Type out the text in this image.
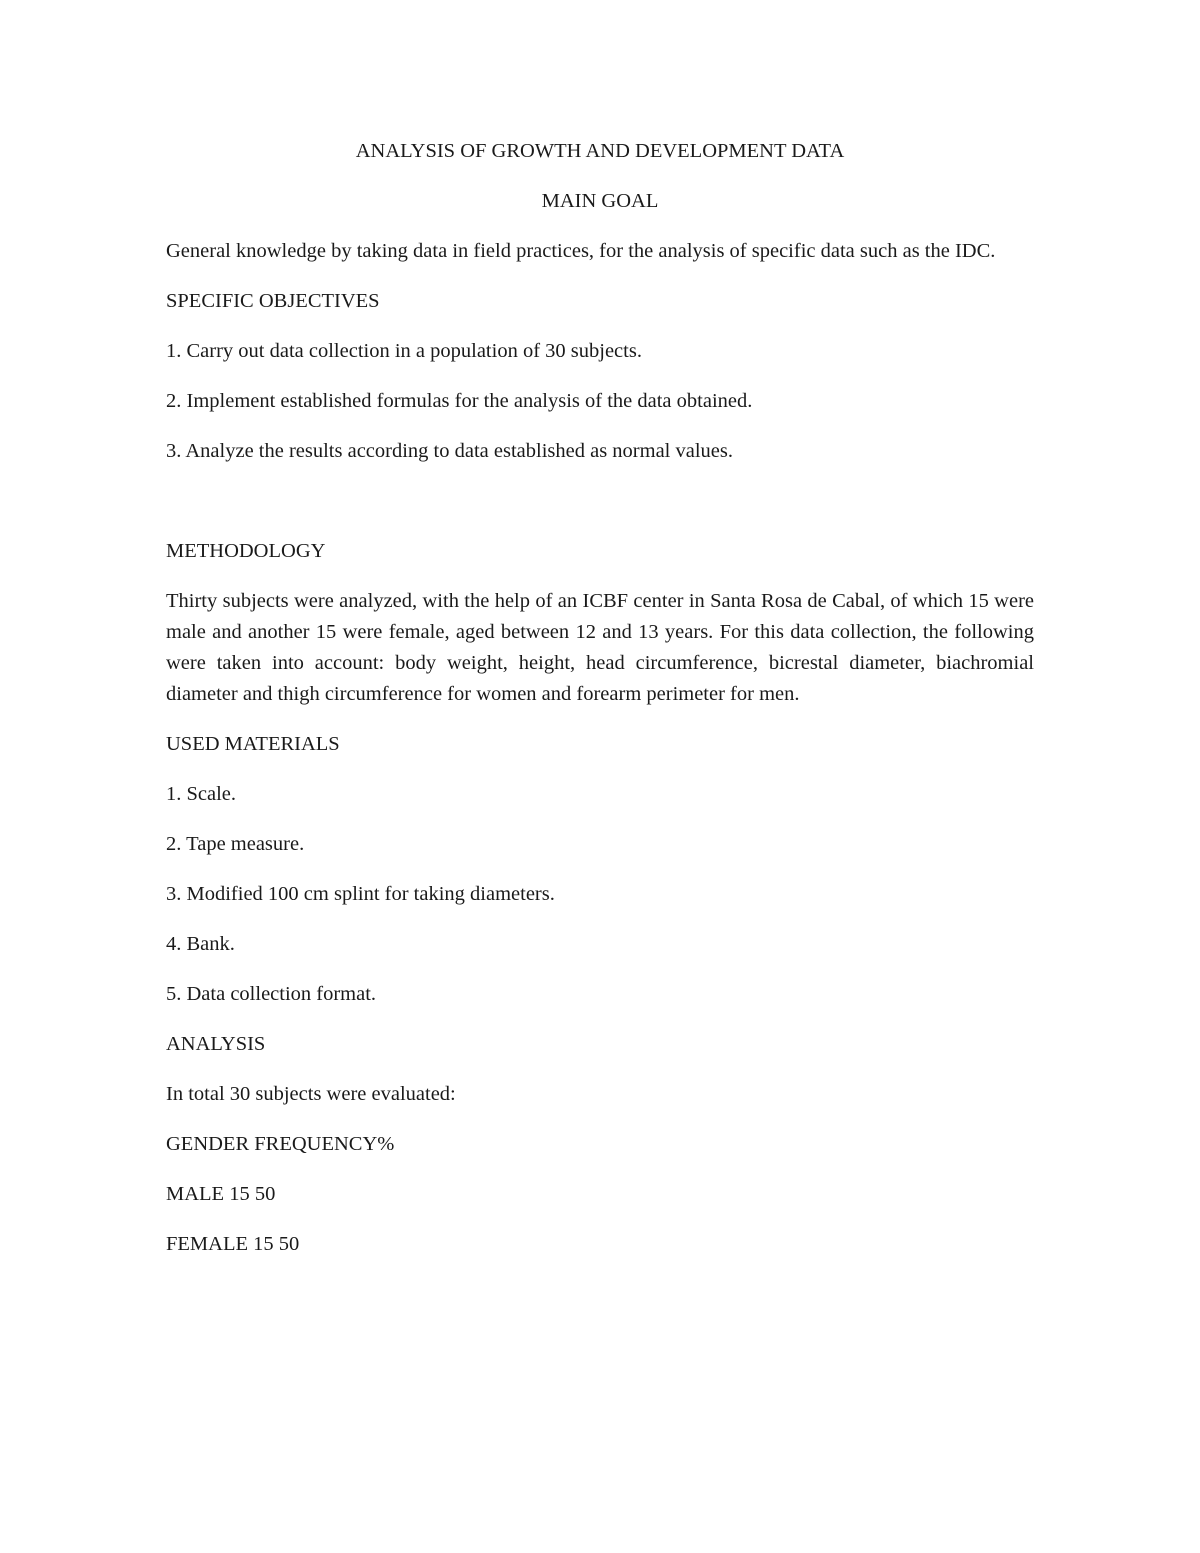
ANALYSIS OF GROWTH AND DEVELOPMENT DATA
MAIN GOAL
General knowledge by taking data in field practices, for the analysis of specific data such as the IDC.
SPECIFIC OBJECTIVES
1. Carry out data collection in a population of 30 subjects.
2. Implement established formulas for the analysis of the data obtained.
3. Analyze the results according to data established as normal values.
METHODOLOGY
Thirty subjects were analyzed, with the help of an ICBF center in Santa Rosa de Cabal, of which 15 were male and another 15 were female, aged between 12 and 13 years. For this data collection, the following were taken into account: body weight, height, head circumference, bicrestal diameter, biachromial diameter and thigh circumference for women and forearm perimeter for men.
USED MATERIALS
1. Scale.
2. Tape measure.
3. Modified 100 cm splint for taking diameters.
4. Bank.
5. Data collection format.
ANALYSIS
In total 30 subjects were evaluated:
GENDER FREQUENCY%
MALE 15 50
FEMALE 15 50
